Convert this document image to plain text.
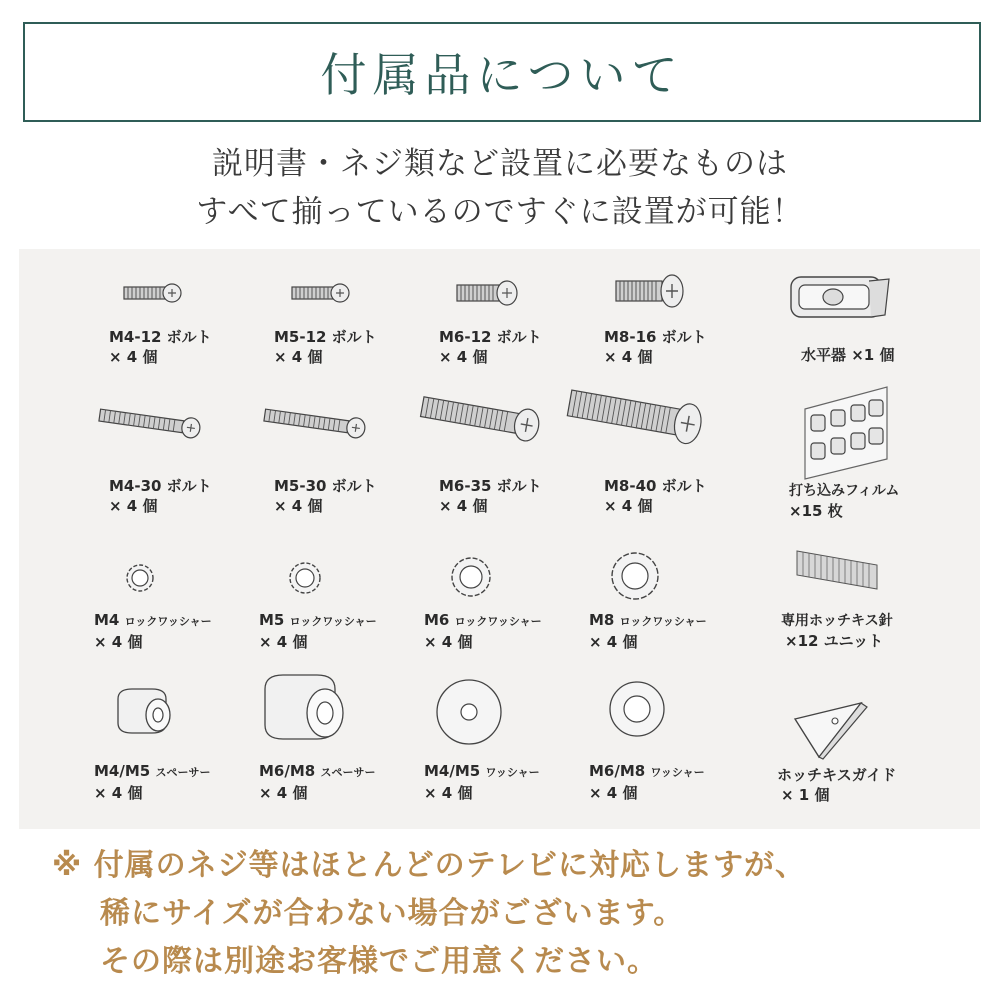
付属品について
説明書・ネジ類など設置に必要なものは
すべて揃っているのですぐに設置が可能！
M4-12 ボルト
× 4 個
M5-12 ボルト
× 4 個
M6-12 ボルト
× 4 個
M8-16 ボルト
× 4 個	水平器 ×1 個
M4-30 ボルト
× 4 個
M5-30 ボルト
× 4 個
M6-35 ボルト
× 4 個
M8-40 ボルト
× 4 個
打ち込みフィルム
×15 枚
M4 ロックワッシャー
× 4 個
M5 ロックワッシャー
× 4 個
M6 ロックワッシャー
× 4 個
M8 ロックワッシャー
× 4 個
専用ホッチキス針
×12 ユニット
M4/M5 スペーサー
× 4 個
M6/M8 スペーサー
× 4 個
M4/M5 ワッシャー
× 4 個
M6/M8 ワッシャー
× 4 個
ホッチキスガイド
× 1 個
※ 付属のネジ等はほとんどのテレビに対応しますが、
稀にサイズが合わない場合がございます。
その際は別途お客様でご用意ください。
